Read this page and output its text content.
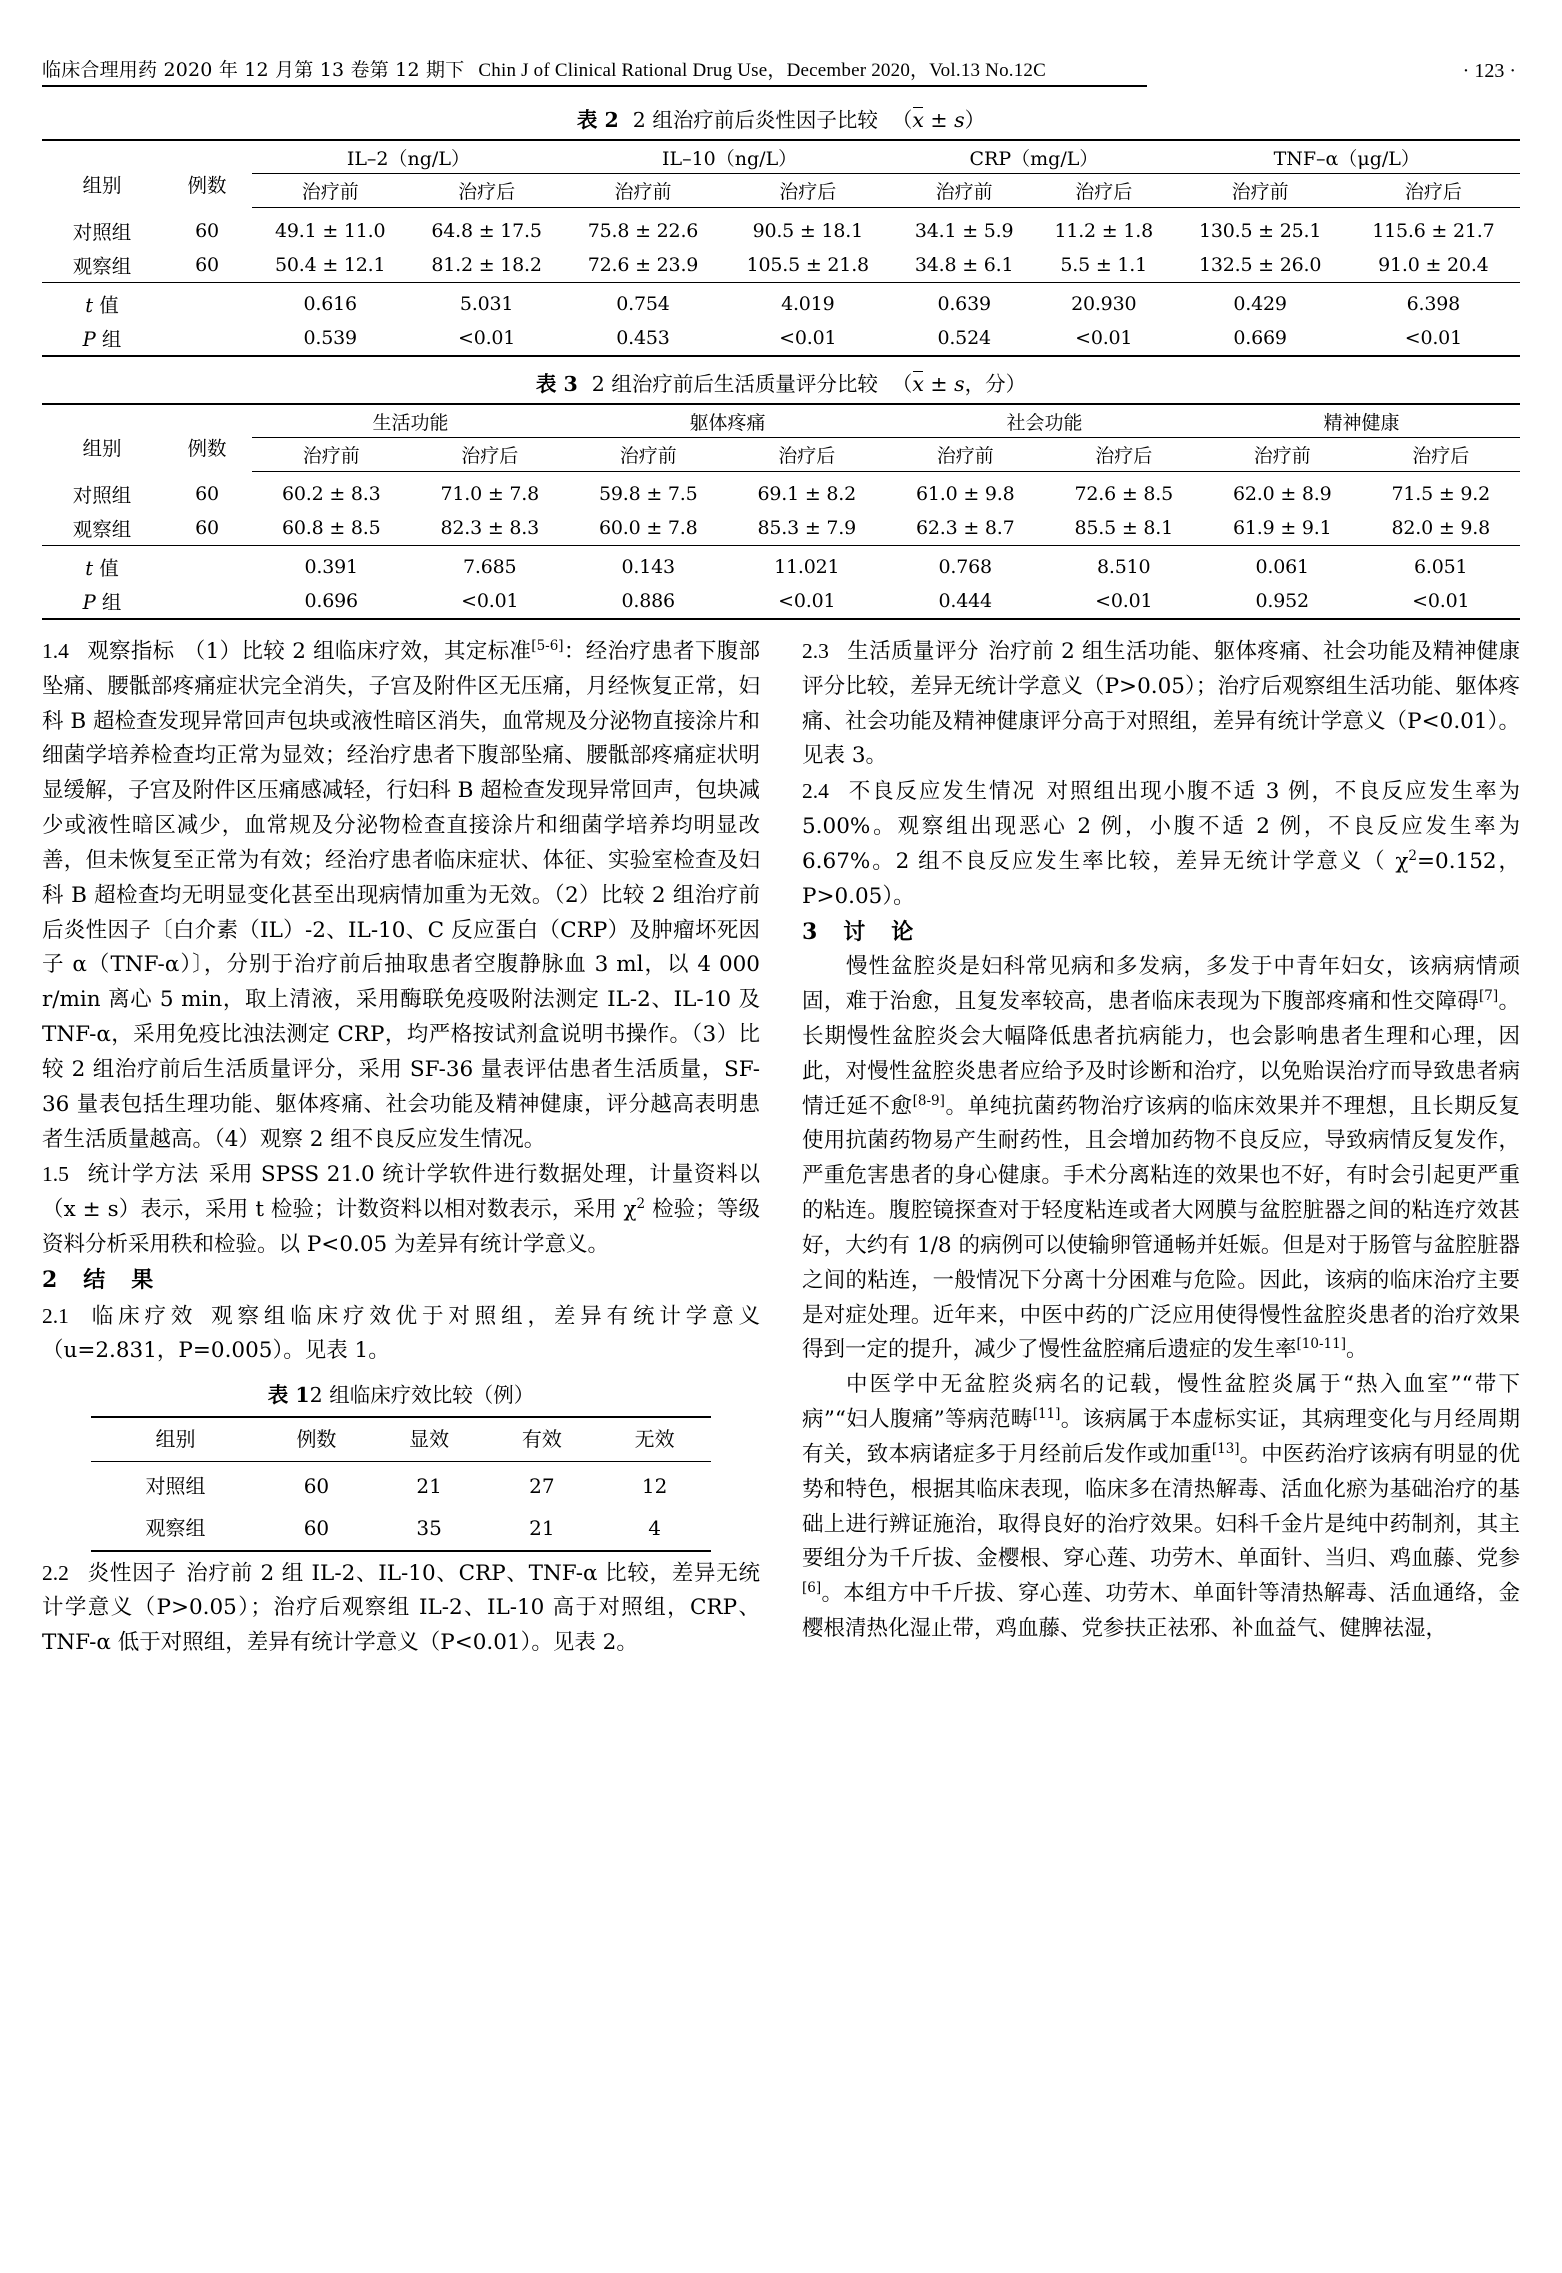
临床合理用药 2020 年 12 月第 13 卷第 12 期下 Chin J of Clinical Rational Drug Use，December 2020，Vol.13 No.12C	· 123 ·
表 2 2 组治疗前后炎性因子比较 （x ± s）
组别	例数	IL–2（ng/L）		IL–10（ng/L）		CRP（mg/L）		TNF–α（μg/L）	
		治疗前	治疗后	治疗前	治疗后	治疗前	治疗后	治疗前	治疗后
对照组	60	49.1 ± 11.0	64.8 ± 17.5	75.8 ± 22.6	90.5 ± 18.1	34.1 ± 5.9	11.2 ± 1.8	130.5 ± 25.1	115.6 ± 21.7
观察组	60	50.4 ± 12.1	81.2 ± 18.2	72.6 ± 23.9	105.5 ± 21.8	34.8 ± 6.1	5.5 ± 1.1	132.5 ± 26.0	91.0 ± 20.4
t 值		0.616	5.031	0.754	4.019	0.639	20.930	0.429	6.398
P 组		0.539	<0.01	0.453	<0.01	0.524	<0.01	0.669	<0.01
表 3 2 组治疗前后生活质量评分比较 （x ± s，分）
组别	例数	生活功能		躯体疼痛		社会功能		精神健康	
		治疗前	治疗后	治疗前	治疗后	治疗前	治疗后	治疗前	治疗后
对照组	60	60.2 ± 8.3	71.0 ± 7.8	59.8 ± 7.5	69.1 ± 8.2	61.0 ± 9.8	72.6 ± 8.5	62.0 ± 8.9	71.5 ± 9.2
观察组	60	60.8 ± 8.5	82.3 ± 8.3	60.0 ± 7.8	85.3 ± 7.9	62.3 ± 8.7	85.5 ± 8.1	61.9 ± 9.1	82.0 ± 9.8
t 值		0.391	7.685	0.143	11.021	0.768	8.510	0.061	6.051
P 组		0.696	<0.01	0.886	<0.01	0.444	<0.01	0.952	<0.01

1.4 观察指标 （1）比较 2 组临床疗效，其定标准[5-6]：经治疗患者下腹部坠痛、腰骶部疼痛症状完全消失，子宫及附件区无压痛，月经恢复正常，妇科 B 超检查发现异常回声包块或液性暗区消失，血常规及分泌物直接涂片和细菌学培养检查均正常为显效；经治疗患者下腹部坠痛、腰骶部疼痛症状明显缓解，子宫及附件区压痛感减轻，行妇科 B 超检查发现异常回声，包块减少或液性暗区减少，血常规及分泌物检查直接涂片和细菌学培养均明显改善，但未恢复至正常为有效；经治疗患者临床症状、体征、实验室检查及妇科 B 超检查均无明显变化甚至出现病情加重为无效。（2）比较 2 组治疗前后炎性因子〔白介素（IL）-2、IL-10、C 反应蛋白（CRP）及肿瘤坏死因子 α（TNF-α）〕，分别于治疗前后抽取患者空腹静脉血 3 ml，以 4 000 r/min 离心 5 min，取上清液，采用酶联免疫吸附法测定 IL-2、IL-10 及 TNF-α，采用免疫比浊法测定 CRP，均严格按试剂盒说明书操作。（3）比较 2 组治疗前后生活质量评分，采用 SF-36 量表评估患者生活质量，SF-36 量表包括生理功能、躯体疼痛、社会功能及精神健康，评分越高表明患者生活质量越高。（4）观察 2 组不良反应发生情况。

1.5 统计学方法 采用 SPSS 21.0 统计学软件进行数据处理，计量资料以（x ± s）表示，采用 t 检验；计数资料以相对数表示，采用 $\chi^2$ 检验；等级资料分析采用秩和检验。以 P<0.05 为差异有统计学意义。

2　结　果

2.1 临床疗效 观察组临床疗效优于对照组，差异有统计学意义（u=2.831，P=0.005）。见表 1。

表 12 组临床疗效比较（例）
组别	例数	显效	有效	无效
对照组	60	21	27	12
观察组	60	35	21	4

2.2 炎性因子 治疗前 2 组 IL-2、IL-10、CRP、TNF-α 比较，差异无统计学意义（P>0.05）；治疗后观察组 IL-2、IL-10 高于对照组，CRP、TNF-α 低于对照组，差异有统计学意义（P<0.01）。见表 2。

2.3 生活质量评分 治疗前 2 组生活功能、躯体疼痛、社会功能及精神健康评分比较，差异无统计学意义（P>0.05）；治疗后观察组生活功能、躯体疼痛、社会功能及精神健康评分高于对照组，差异有统计学意义（P<0.01）。见表 3。

2.4 不良反应发生情况 对照组出现小腹不适 3 例，不良反应发生率为 5.00%。观察组出现恶心 2 例，小腹不适 2 例，不良反应发生率为 6.67%。2 组不良反应发生率比较，差异无统计学意义（ $\chi^2=0.152$，P>0.05）。

3　讨　论

慢性盆腔炎是妇科常见病和多发病，多发于中青年妇女，该病病情顽固，难于治愈，且复发率较高，患者临床表现为下腹部疼痛和性交障碍[7]。长期慢性盆腔炎会大幅降低患者抗病能力，也会影响患者生理和心理，因此，对慢性盆腔炎患者应给予及时诊断和治疗，以免贻误治疗而导致患者病情迁延不愈[8-9]。单纯抗菌药物治疗该病的临床效果并不理想，且长期反复使用抗菌药物易产生耐药性，且会增加药物不良反应，导致病情反复发作，严重危害患者的身心健康。手术分离粘连的效果也不好，有时会引起更严重的粘连。腹腔镜探查对于轻度粘连或者大网膜与盆腔脏器之间的粘连疗效甚好，大约有 1/8 的病例可以使输卵管通畅并妊娠。但是对于肠管与盆腔脏器之间的粘连，一般情况下分离十分困难与危险。因此，该病的临床治疗主要是对症处理。近年来，中医中药的广泛应用使得慢性盆腔炎患者的治疗效果得到一定的提升，减少了慢性盆腔痛后遗症的发生率[10-11]。

中医学中无盆腔炎病名的记载，慢性盆腔炎属于“热入血室”“带下病”“妇人腹痛”等病范畴[11]。该病属于本虚标实证，其病理变化与月经周期有关，致本病诸症多于月经前后发作或加重[13]。中医药治疗该病有明显的优势和特色，根据其临床表现，临床多在清热解毒、活血化瘀为基础治疗的基础上进行辨证施治，取得良好的治疗效果。妇科千金片是纯中药制剂，其主要组分为千斤拔、金樱根、穿心莲、功劳木、单面针、当归、鸡血藤、党参[6]。本组方中千斤拔、穿心莲、功劳木、单面针等清热解毒、活血通络，金樱根清热化湿止带，鸡血藤、党参扶正祛邪、补血益气、健脾祛湿，
